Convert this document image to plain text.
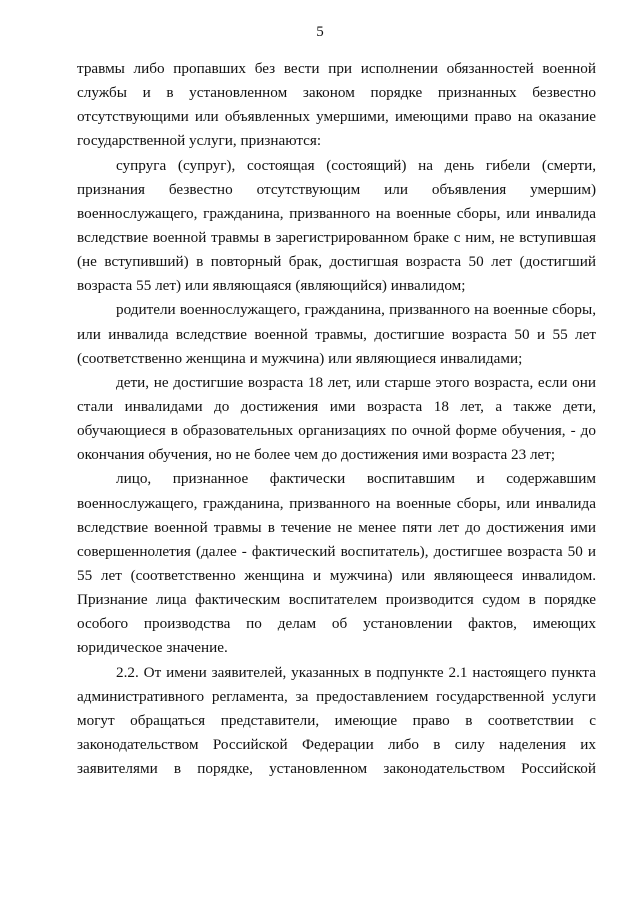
5
травмы либо пропавших без вести при исполнении обязанностей военной
службы и в установленном законом порядке признанных безвестно
отсутствующими или объявленных умершими, имеющими право на оказание
государственной услуги, признаются:
супруга (супруг), состоящая (состоящий) на день гибели (смерти,
признания безвестно отсутствующим или объявления умершим)
военнослужащего, гражданина, призванного на военные сборы, или инвалида
вследствие военной травмы в зарегистрированном браке с ним, не вступившая
(не вступивший) в повторный брак, достигшая возраста 50 лет (достигший
возраста 55 лет) или являющаяся (являющийся) инвалидом;
родители военнослужащего, гражданина, призванного на военные сборы,
или инвалида вследствие военной травмы, достигшие возраста 50 и 55 лет
(соответственно женщина и мужчина) или являющиеся инвалидами;
дети, не достигшие возраста 18 лет, или старше этого возраста, если они
стали инвалидами до достижения ими возраста 18 лет, а также дети,
обучающиеся в образовательных организациях по очной форме обучения, - до
окончания обучения, но не более чем до достижения ими возраста 23 лет;
лицо, признанное фактически воспитавшим и содержавшим
военнослужащего, гражданина, призванного на военные сборы, или инвалида
вследствие военной травмы в течение не менее пяти лет до достижения ими
совершеннолетия (далее - фактический воспитатель), достигшее возраста 50 и
55 лет (соответственно женщина и мужчина) или являющееся инвалидом.
Признание лица фактическим воспитателем производится судом в порядке
особого производства по делам об установлении фактов, имеющих
юридическое значение.
2.2. От имени заявителей, указанных в подпункте 2.1 настоящего пункта
административного регламента, за предоставлением государственной услуги
могут обращаться представители, имеющие право в соответствии с
законодательством Российской Федерации либо в силу наделения их
заявителями в порядке, установленном законодательством Российской
